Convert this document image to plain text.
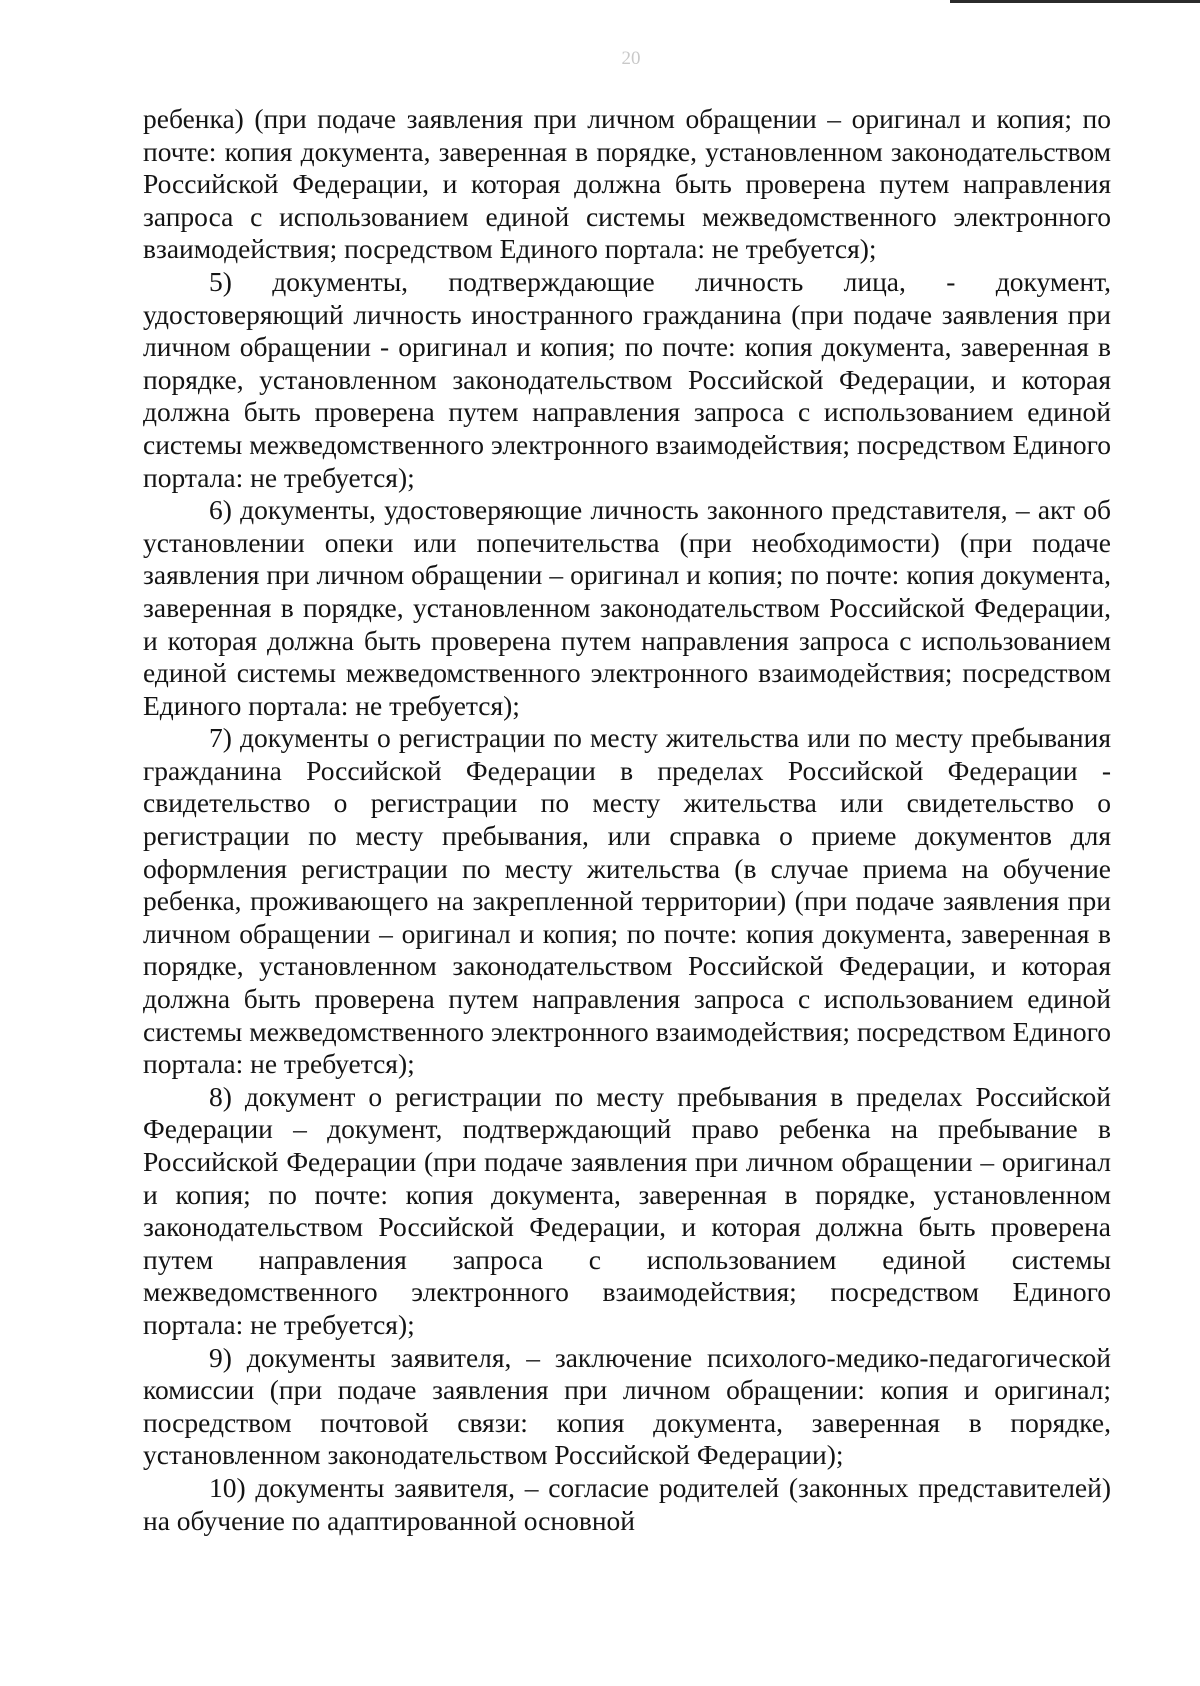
20

ребенка) (при подаче заявления при личном обращении – оригинал и копия; по почте: копия документа, заверенная в порядке, установленном законодательством Российской Федерации, и которая должна быть проверена путем направления запроса с использованием единой системы межведомственного электронного взаимодействия; посредством Единого портала: не требуется);

5) документы, подтверждающие личность лица, - документ, удостоверяющий личность иностранного гражданина (при подаче заявления при личном обращении - оригинал и копия; по почте: копия документа, заверенная в порядке, установленном законодательством Российской Федерации, и которая должна быть проверена путем направления запроса с использованием единой системы межведомственного электронного взаимодействия; посредством Единого портала: не требуется);

6) документы, удостоверяющие личность законного представителя, – акт об установлении опеки или попечительства (при необходимости) (при подаче заявления при личном обращении – оригинал и копия; по почте: копия документа, заверенная в порядке, установленном законодательством Российской Федерации, и которая должна быть проверена путем направления запроса с использованием единой системы межведомственного электронного взаимодействия; посредством Единого портала: не требуется);

7) документы о регистрации по месту жительства или по месту пребывания гражданина Российской Федерации в пределах Российской Федерации - свидетельство о регистрации по месту жительства или свидетельство о регистрации по месту пребывания, или справка о приеме документов для оформления регистрации по месту жительства (в случае приема на обучение ребенка, проживающего на закрепленной территории) (при подаче заявления при личном обращении – оригинал и копия; по почте: копия документа, заверенная в порядке, установленном законодательством Российской Федерации, и которая должна быть проверена путем направления запроса с использованием единой системы межведомственного электронного взаимодействия; посредством Единого портала: не требуется);

8) документ о регистрации по месту пребывания в пределах Российской Федерации – документ, подтверждающий право ребенка на пребывание в Российской Федерации (при подаче заявления при личном обращении – оригинал и копия; по почте: копия документа, заверенная в порядке, установленном законодательством Российской Федерации, и которая должна быть проверена путем направления запроса с использованием единой системы межведомственного электронного взаимодействия; посредством Единого портала: не требуется);

9) документы заявителя, – заключение психолого-медико-педагогической комиссии (при подаче заявления при личном обращении: копия и оригинал; посредством почтовой связи: копия документа, заверенная в порядке, установленном законодательством Российской Федерации);

10) документы заявителя, – согласие родителей (законных представителей) на обучение по адаптированной основной
